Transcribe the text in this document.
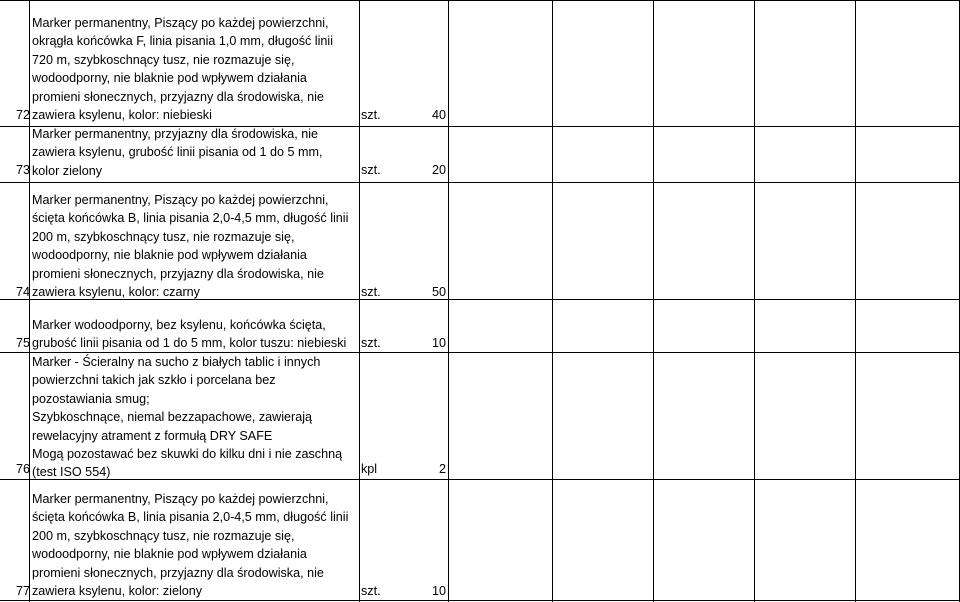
72
Marker permanentny, Piszący po każdej powierzchni,
okrągła końcówka F, linia pisania 1,0 mm, długość linii
720 m, szybkoschnący tusz, nie rozmazuje się,
wodoodporny, nie blaknie pod wpływem działania
promieni słonecznych, przyjazny dla środowiska, nie
zawiera ksylenu, kolor: niebieski	szt.	40
73
Marker permanentny, przyjazny dla środowiska, nie
zawiera ksylenu, grubość linii pisania od 1 do 5 mm,
kolor zielony	szt.	20
74
Marker permanentny, Piszący po każdej powierzchni,
ścięta końcówka B, linia pisania 2,0-4,5 mm, długość linii
200 m, szybkoschnący tusz, nie rozmazuje się,
wodoodporny, nie blaknie pod wpływem działania
promieni słonecznych, przyjazny dla środowiska, nie
zawiera ksylenu, kolor: czarny	szt.	50
75
Marker wodoodporny, bez ksylenu, końcówka ścięta,
grubość linii pisania od 1 do 5 mm, kolor tuszu: niebieski	szt.	10
76
Marker - Ścieralny na sucho z białych tablic i innych
powierzchni takich jak szkło i porcelana bez
pozostawiania smug;
Szybkoschnące, niemal bezzapachowe, zawierają
rewelacyjny atrament z formułą DRY SAFE
Mogą pozostawać bez skuwki do kilku dni i nie zaschną
(test ISO 554)	kpl	2
77
Marker permanentny, Piszący po każdej powierzchni,
ścięta końcówka B, linia pisania 2,0-4,5 mm, długość linii
200 m, szybkoschnący tusz, nie rozmazuje się,
wodoodporny, nie blaknie pod wpływem działania
promieni słonecznych, przyjazny dla środowiska, nie
zawiera ksylenu, kolor: zielony	szt.	10
